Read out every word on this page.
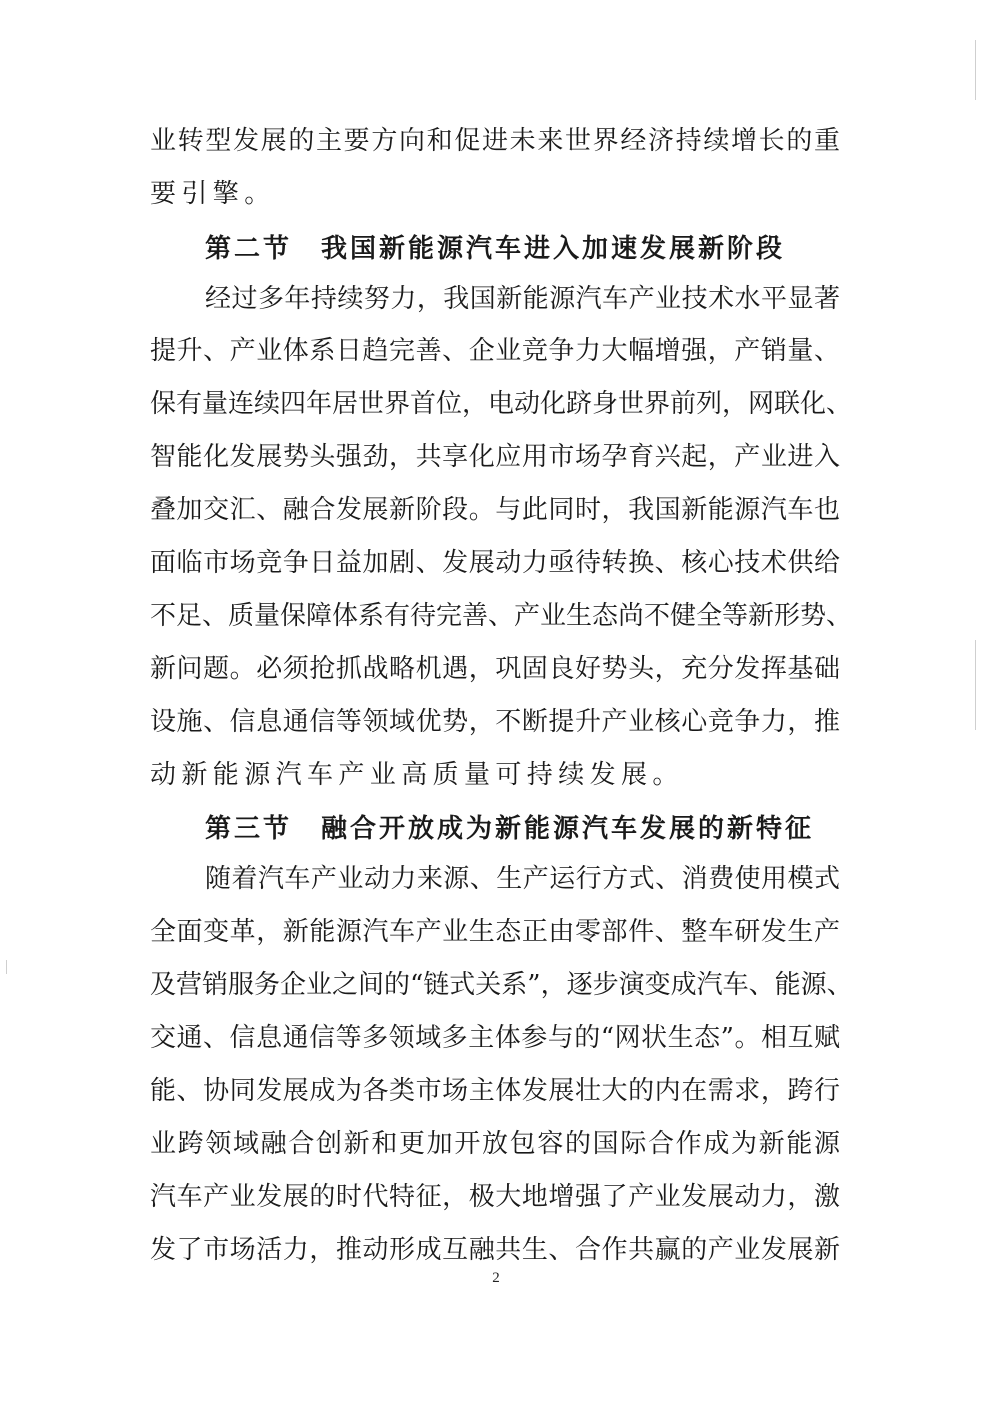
业转型发展的主要方向和促进未来世界经济持续增长的重
要引擎。
第二节　我国新能源汽车进入加速发展新阶段
经过多年持续努力，我国新能源汽车产业技术水平显著
提升、产业体系日趋完善、企业竞争力大幅增强，产销量、
保有量连续四年居世界首位，电动化跻身世界前列，网联化、
智能化发展势头强劲，共享化应用市场孕育兴起，产业进入
叠加交汇、融合发展新阶段。与此同时，我国新能源汽车也
面临市场竞争日益加剧、发展动力亟待转换、核心技术供给
不足、质量保障体系有待完善、产业生态尚不健全等新形势、
新问题。必须抢抓战略机遇，巩固良好势头，充分发挥基础
设施、信息通信等领域优势，不断提升产业核心竞争力，推
动新能源汽车产业高质量可持续发展。
第三节　融合开放成为新能源汽车发展的新特征
随着汽车产业动力来源、生产运行方式、消费使用模式
全面变革，新能源汽车产业生态正由零部件、整车研发生产
及营销服务企业之间的“链式关系”，逐步演变成汽车、能源、
交通、信息通信等多领域多主体参与的“网状生态”。相互赋
能、协同发展成为各类市场主体发展壮大的内在需求，跨行
业跨领域融合创新和更加开放包容的国际合作成为新能源
汽车产业发展的时代特征，极大地增强了产业发展动力，激
发了市场活力，推动形成互融共生、合作共赢的产业发展新
2
